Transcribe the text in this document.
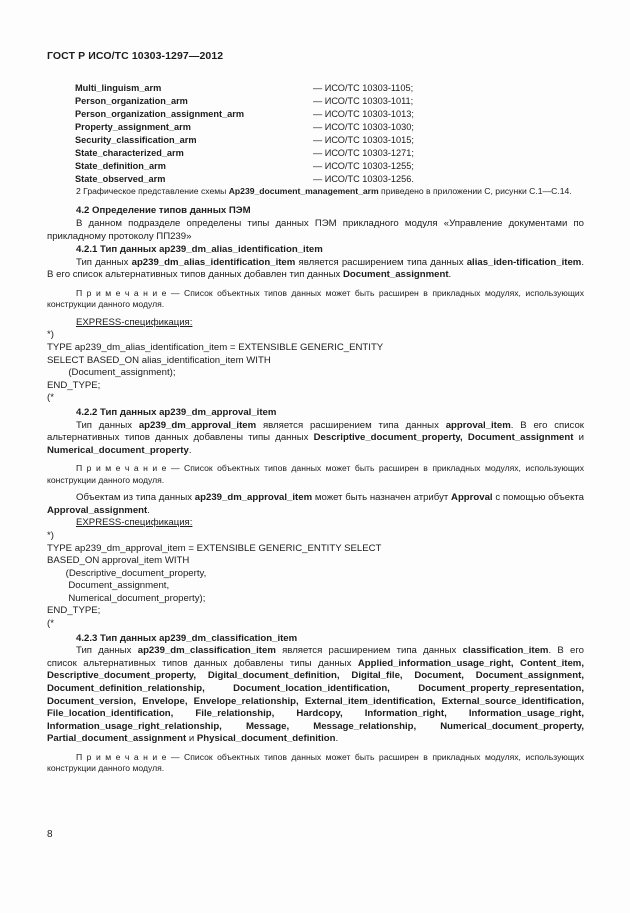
ГОСТ Р ИСО/ТС 10303-1297—2012
Multi_linguism_arm	— ИСО/ТС 10303-1105;
Person_organization_arm	— ИСО/ТС 10303-1011;
Person_organization_assignment_arm	— ИСО/ТС 10303-1013;
Property_assignment_arm	— ИСО/ТС 10303-1030;
Security_classification_arm	— ИСО/ТС 10303-1015;
State_characterized_arm	— ИСО/ТС 10303-1271;
State_definition_arm	— ИСО/ТС 10303-1255;
State_observed_arm	— ИСО/ТС 10303-1256.

2 Графическое представление схемы Ap239_document_management_arm приведено в приложении С, рисунки С.1—С.14.

4.2 Определение типов данных ПЭМ

В данном подразделе определены типы данных ПЭМ прикладного модуля «Управление документами по прикладному протоколу ПП239»

4.2.1 Тип данных ap239_dm_alias_identification_item

Тип данных ap239_dm_alias_identification_item является расширением типа данных alias_iden-tification_item. В его список альтернативных типов данных добавлен тип данных Document_assignment.

П р и м е ч а н и е — Список объектных типов данных может быть расширен в прикладных модулях, использующих конструкции данного модуля.

EXPRESS-спецификация:

*)
TYPE ap239_dm_alias_identification_item = EXTENSIBLE GENERIC_ENTITY
SELECT BASED_ON alias_identification_item WITH
(Document_assignment);
END_TYPE;
(*

4.2.2 Тип данных ap239_dm_approval_item

Тип данных ap239_dm_approval_item является расширением типа данных approval_item. В его список альтернативных типов данных добавлены типы данных Descriptive_document_property, Document_assignment и Numerical_document_property.

П р и м е ч а н и е — Список объектных типов данных может быть расширен в прикладных модулях, использующих конструкции данного модуля.

Объектам из типа данных ap239_dm_approval_item может быть назначен атрибут Approval с помощью объекта Approval_assignment.

EXPRESS-спецификация:

*)
TYPE ap239_dm_approval_item = EXTENSIBLE GENERIC_ENTITY SELECT
BASED_ON approval_item WITH
(Descriptive_document_property,
Document_assignment,
Numerical_document_property);
END_TYPE;
(*

4.2.3 Тип данных ap239_dm_classification_item

Тип данных ap239_dm_classification_item является расширением типа данных classification_item. В его список альтернативных типов данных добавлены типы данных Applied_information_usage_right, Content_item, Descriptive_document_property, Digital_document_definition, Digital_file, Document, Document_assignment, Document_definition_relationship, Document_location_identification, Document_property_representation, Document_version, Envelope, Envelope_relationship, External_item_identification, External_source_identification, File_location_identification, File_relationship, Hardcopy, Information_right, Information_usage_right, Information_usage_right_relationship, Message, Message_relationship, Numerical_document_property, Partial_document_assignment и Physical_document_definition.

П р и м е ч а н и е — Список объектных типов данных может быть расширен в прикладных модулях, использующих конструкции данного модуля.

8
